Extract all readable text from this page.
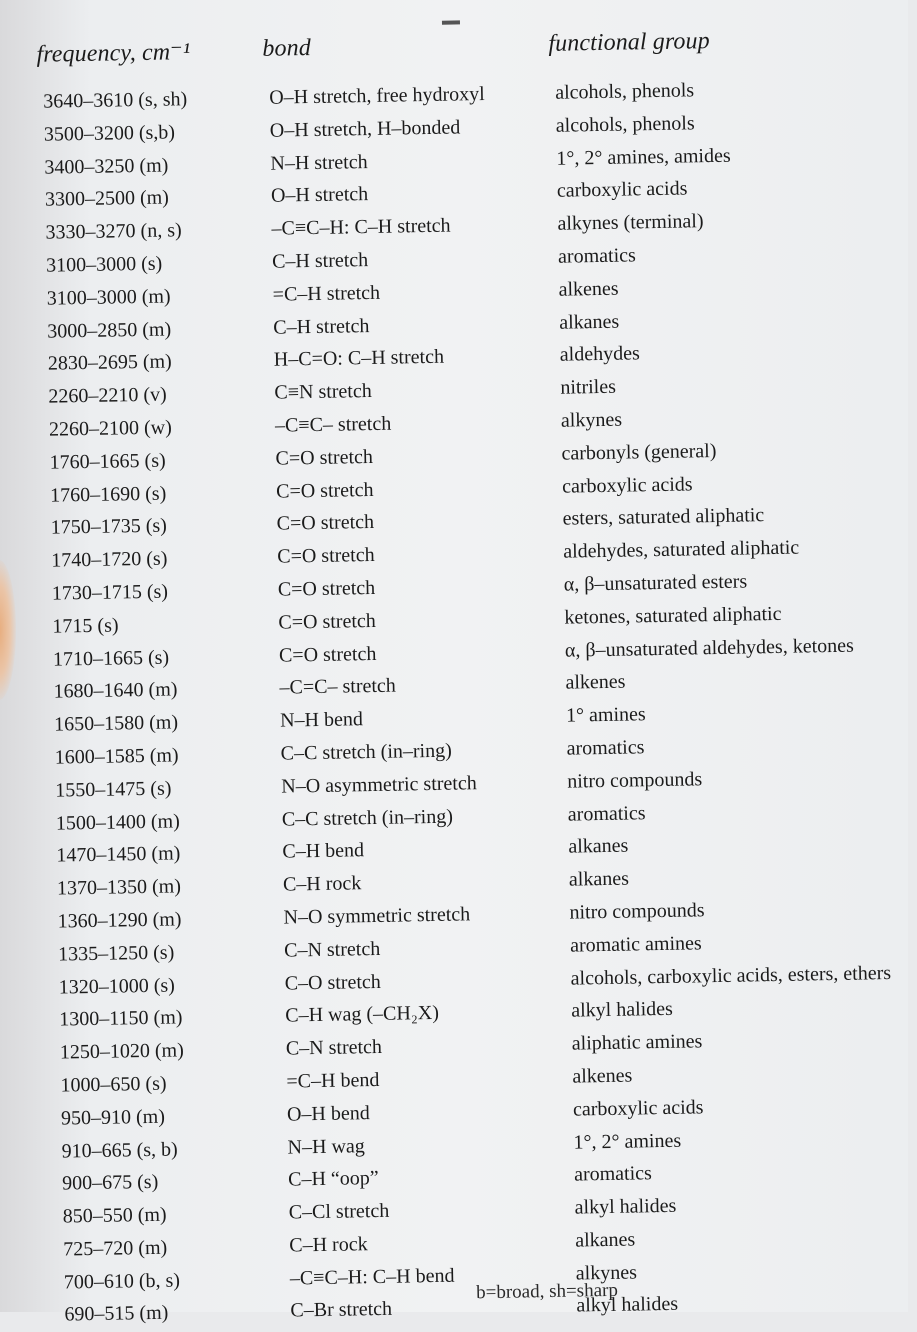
frequency, cm⁻¹	bond	functional group
3640–3610 (s, sh)	O–H stretch, free hydroxyl	alcohols, phenols
3500–3200 (s,b)	O–H stretch, H–bonded	alcohols, phenols
3400–3250 (m)	N–H stretch	1°, 2° amines, amides
3300–2500 (m)	O–H stretch	carboxylic acids
3330–3270 (n, s)	–C≡C–H: C–H stretch	alkynes (terminal)
3100–3000 (s)	C–H stretch	aromatics
3100–3000 (m)	=C–H stretch	alkenes
3000–2850 (m)	C–H stretch	alkanes
2830–2695 (m)	H–C=O: C–H stretch	aldehydes
2260–2210 (v)	C≡N stretch	nitriles
2260–2100 (w)	–C≡C– stretch	alkynes
1760–1665 (s)	C=O stretch	carbonyls (general)
1760–1690 (s)	C=O stretch	carboxylic acids
1750–1735 (s)	C=O stretch	esters, saturated aliphatic
1740–1720 (s)	C=O stretch	aldehydes, saturated aliphatic
1730–1715 (s)	C=O stretch	α, β–unsaturated esters
1715 (s)	C=O stretch	ketones, saturated aliphatic
1710–1665 (s)	C=O stretch	α, β–unsaturated aldehydes, ketones
1680–1640 (m)	–C=C– stretch	alkenes
1650–1580 (m)	N–H bend	1° amines
1600–1585 (m)	C–C stretch (in–ring)	aromatics
1550–1475 (s)	N–O asymmetric stretch	nitro compounds
1500–1400 (m)	C–C stretch (in–ring)	aromatics
1470–1450 (m)	C–H bend	alkanes
1370–1350 (m)	C–H rock	alkanes
1360–1290 (m)	N–O symmetric stretch	nitro compounds
1335–1250 (s)	C–N stretch	aromatic amines
1320–1000 (s)	C–O stretch	alcohols, carboxylic acids, esters, ethers
1300–1150 (m)	C–H wag (–CH₂X)	alkyl halides
1250–1020 (m)	C–N stretch	aliphatic amines
1000–650 (s)	=C–H bend	alkenes
950–910 (m)	O–H bend	carboxylic acids
910–665 (s, b)	N–H wag	1°, 2° amines
900–675 (s)	C–H “oop”	aromatics
850–550 (m)	C–Cl stretch	alkyl halides
725–720 (m)	C–H rock	alkanes
700–610 (b, s)	–C≡C–H: C–H bend	alkynes
690–515 (m)	C–Br stretch	alkyl halides
b=broad, sh=sharp
